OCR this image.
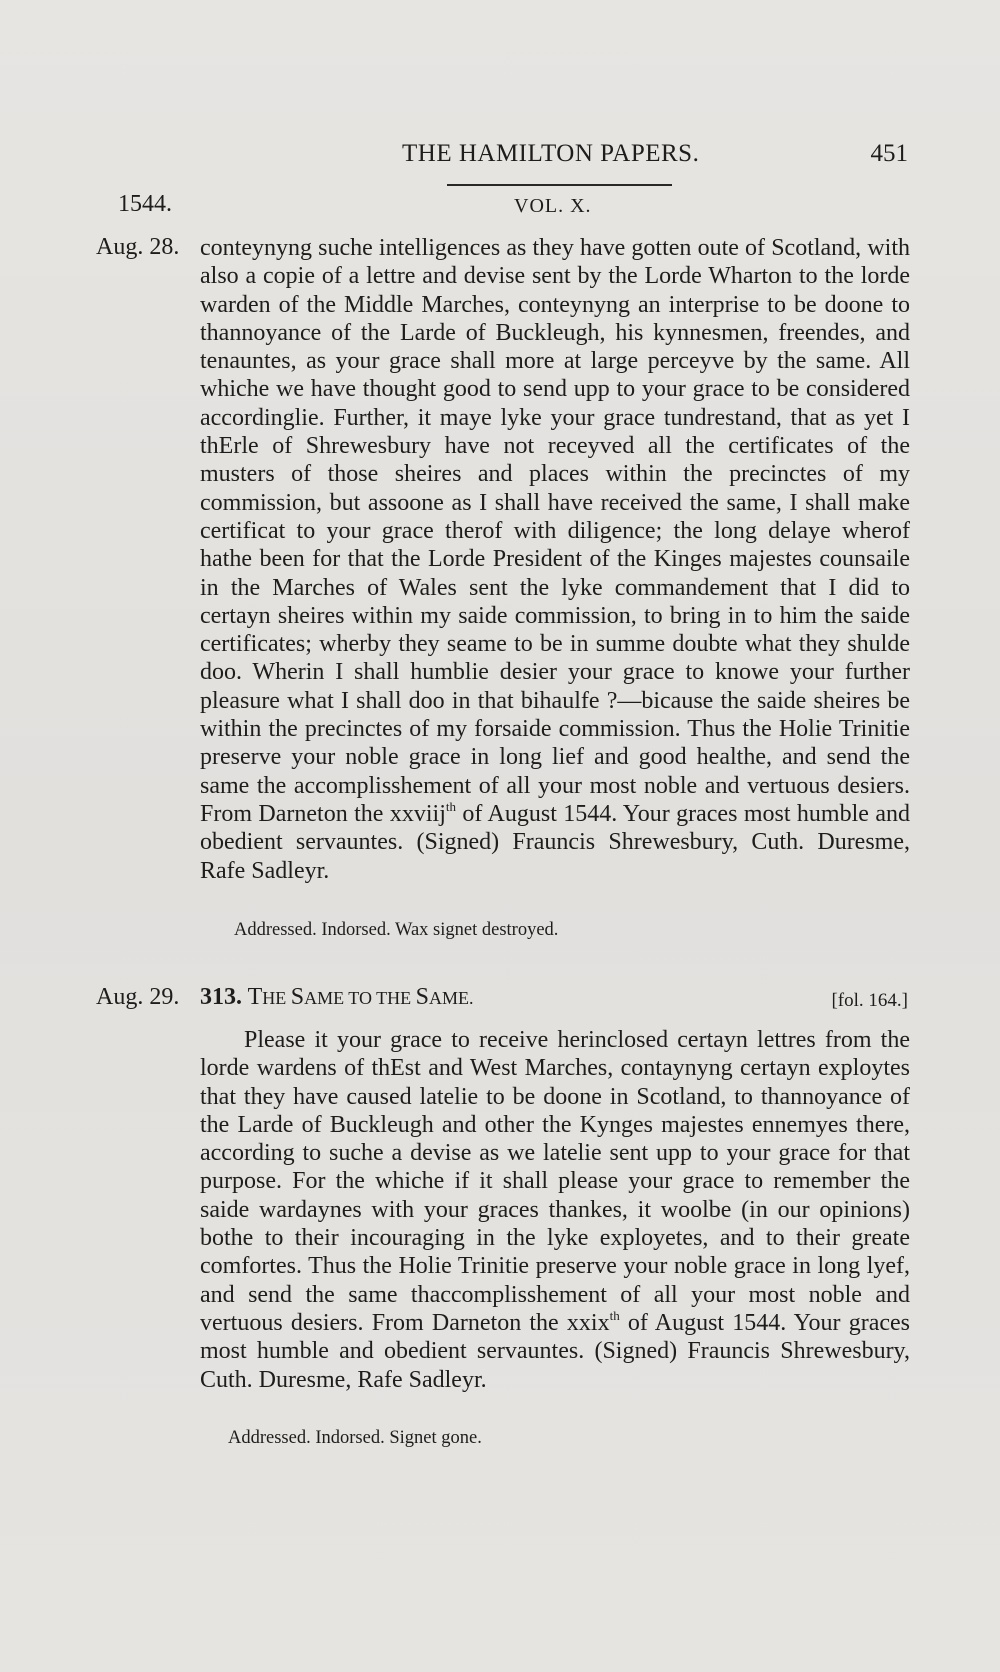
THE HAMILTON PAPERS.	451
1544.	VOL. X.
Aug. 28. conteynyng suche intelligences as they have gotten oute of Scotland, with also a copie of a lettre and devise sent by the Lorde Wharton to the lorde warden of the Middle Marches, conteynyng an interprise to be doone to thannoyance of the Larde of Buckleugh, his kynnesmen, freendes, and tenauntes, as your grace shall more at large perceyve by the same. All whiche we have thought good to send upp to your grace to be considered accordinglie. Further, it maye lyke your grace tundrestand, that as yet I thErle of Shrewesbury have not receyved all the certificates of the musters of those sheires and places within the precinctes of my commission, but assoone as I shall have received the same, I shall make certificat to your grace therof with diligence; the long delaye wherof hathe been for that the Lorde President of the Kinges majestes counsaile in the Marches of Wales sent the lyke commandement that I did to certayn sheires within my saide commission, to bring in to him the saide certificates; wherby they seame to be in summe doubte what they shulde doo. Wherin I shall humblie desier your grace to knowe your further pleasure what I shall doo in that bihaulfe ?—bicause the saide sheires be within the precinctes of my forsaide commission. Thus the Holie Trinitie preserve your noble grace in long lief and good healthe, and send the same the accomplisshement of all your most noble and vertuous desiers. From Darneton the xxviij$^{th}$ of August 1544. Your graces most humble and obedient servauntes. (Signed) Frauncis Shrewesbury, Cuth. Duresme, Rafe Sadleyr.

Addressed. Indorsed. Wax signet destroyed.
Aug. 29. 313. THE SAME TO THE SAME.	[fol. 164.]

Please it your grace to receive herinclosed certayn lettres from the lorde wardens of thEst and West Marches, contaynyng certayn exploytes that they have caused latelie to be doone in Scotland, to thannoyance of the Larde of Buckleugh and other the Kynges majestes ennemyes there, according to suche a devise as we latelie sent upp to your grace for that purpose. For the whiche if it shall please your grace to remember the saide wardaynes with your graces thankes, it woolbe (in our opinions) bothe to their incouraging in the lyke exployetes, and to their greate comfortes. Thus the Holie Trinitie preserve your noble grace in long lyef, and send the same thaccomplisshement of all your most noble and vertuous desiers. From Darneton the xxix$^{th}$ of August 1544. Your graces most humble and obedient servauntes. (Signed) Frauncis Shrewesbury, Cuth. Duresme, Rafe Sadleyr.

Addressed. Indorsed. Signet gone.
